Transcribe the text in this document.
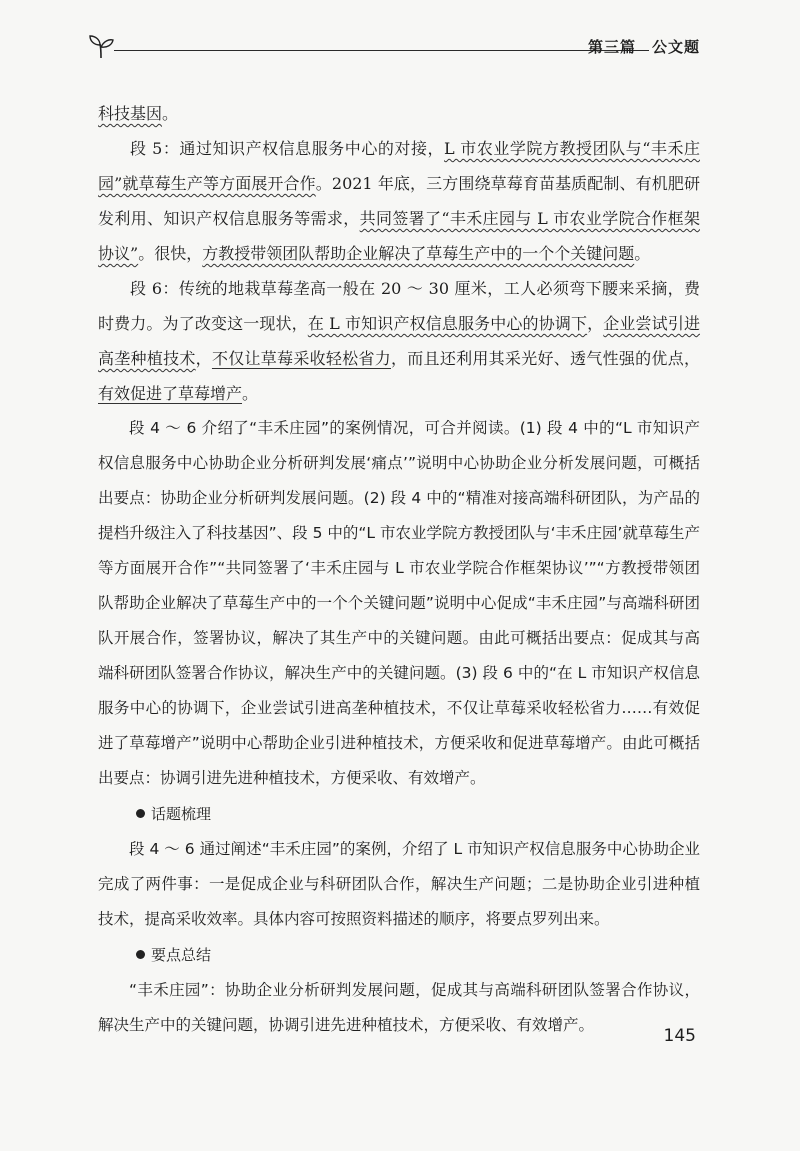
第三篇　公文题

科技基因。

段 5：通过知识产权信息服务中心的对接，L 市农业学院方教授团队与“丰禾庄园”就草莓生产等方面展开合作。2021 年底，三方围绕草莓育苗基质配制、有机肥研发利用、知识产权信息服务等需求，共同签署了“丰禾庄园与 L 市农业学院合作框架协议”。很快，方教授带领团队帮助企业解决了草莓生产中的一个个关键问题。

段 6：传统的地栽草莓垄高一般在 20 ～ 30 厘米，工人必须弯下腰来采摘，费时费力。为了改变这一现状，在 L 市知识产权信息服务中心的协调下，企业尝试引进高垄种植技术，不仅让草莓采收轻松省力，而且还利用其采光好、透气性强的优点，有效促进了草莓增产。

段 4 ～ 6 介绍了“丰禾庄园”的案例情况，可合并阅读。(1) 段 4 中的“L 市知识产权信息服务中心协助企业分析研判发展‘痛点’”说明中心协助企业分析发展问题，可概括出要点：协助企业分析研判发展问题。(2) 段 4 中的“精准对接高端科研团队，为产品的提档升级注入了科技基因”、段 5 中的“L 市农业学院方教授团队与‘丰禾庄园’就草莓生产等方面展开合作”“共同签署了‘丰禾庄园与 L 市农业学院合作框架协议’”“方教授带领团队帮助企业解决了草莓生产中的一个个关键问题”说明中心促成“丰禾庄园”与高端科研团队开展合作，签署协议，解决了其生产中的关键问题。由此可概括出要点：促成其与高端科研团队签署合作协议，解决生产中的关键问题。(3) 段 6 中的“在 L 市知识产权信息服务中心的协调下，企业尝试引进高垄种植技术，不仅让草莓采收轻松省力……有效促进了草莓增产”说明中心帮助企业引进种植技术，方便采收和促进草莓增产。由此可概括出要点：协调引进先进种植技术，方便采收、有效增产。

话题梳理

段 4 ～ 6 通过阐述“丰禾庄园”的案例，介绍了 L 市知识产权信息服务中心协助企业完成了两件事：一是促成企业与科研团队合作，解决生产问题；二是协助企业引进种植技术，提高采收效率。具体内容可按照资料描述的顺序，将要点罗列出来。

要点总结

“丰禾庄园”：协助企业分析研判发展问题，促成其与高端科研团队签署合作协议，解决生产中的关键问题，协调引进先进种植技术，方便采收、有效增产。

145
